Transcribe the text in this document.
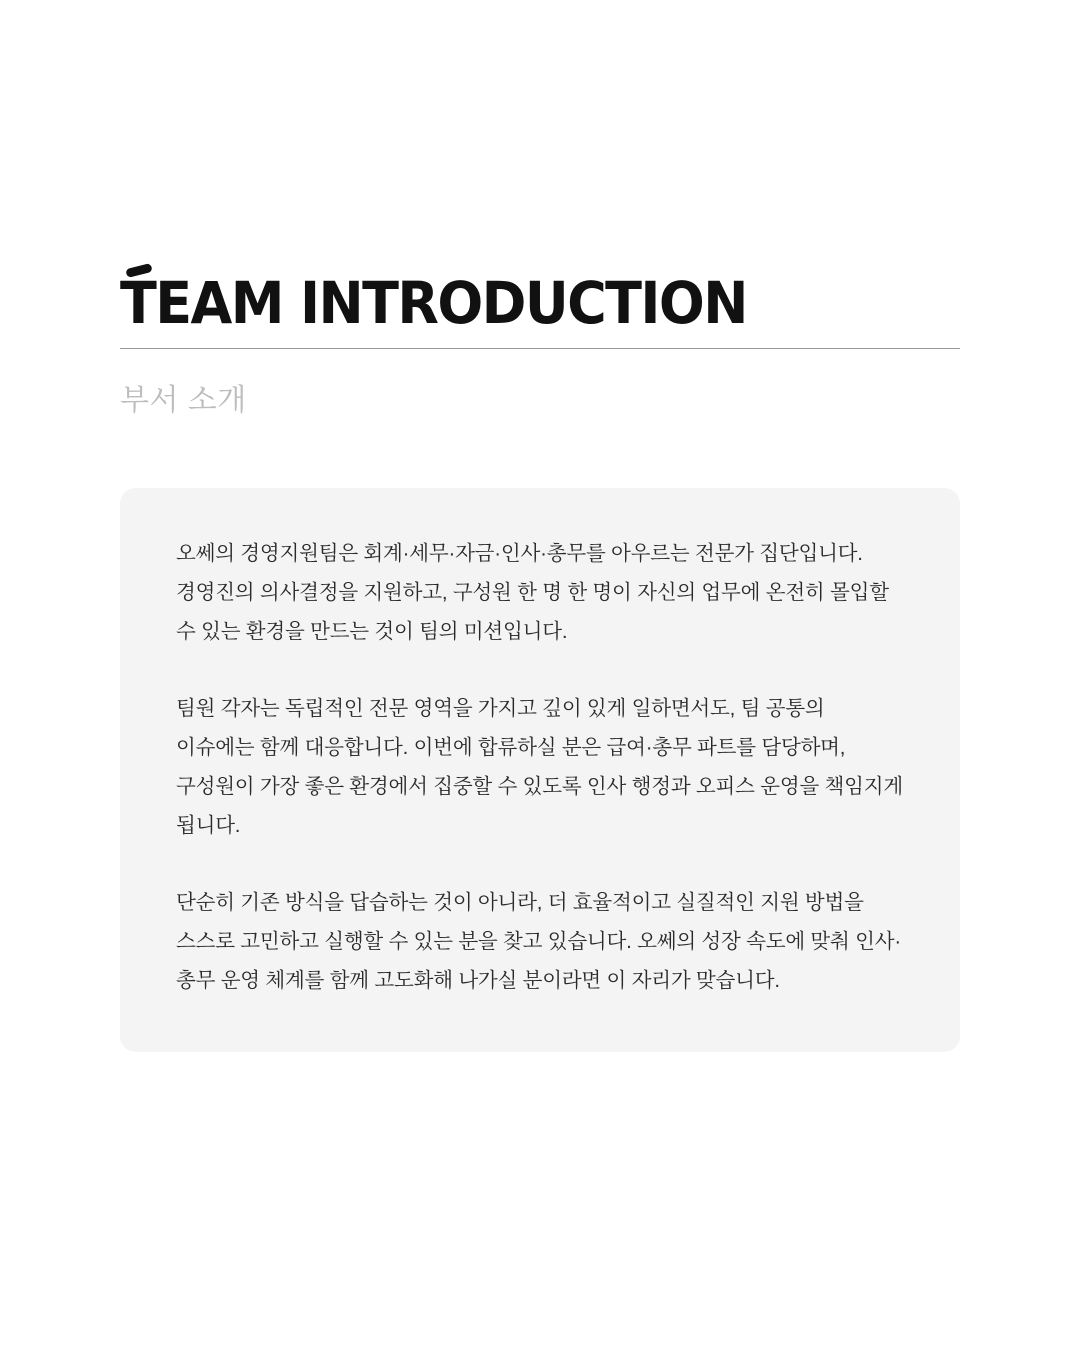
TEAM INTRODUCTION

부서 소개

오쎄의 경영지원팀은 회계·세무·자금·인사·총무를 아우르는 전문가 집단입니다. 경영진의 의사결정을 지원하고, 구성원 한 명 한 명이 자신의 업무에 온전히 몰입할 수 있는 환경을 만드는 것이 팀의 미션입니다.

팀원 각자는 독립적인 전문 영역을 가지고 깊이 있게 일하면서도, 팀 공통의 이슈에는 함께 대응합니다. 이번에 합류하실 분은 급여·총무 파트를 담당하며, 구성원이 가장 좋은 환경에서 집중할 수 있도록 인사 행정과 오피스 운영을 책임지게 됩니다.

단순히 기존 방식을 답습하는 것이 아니라, 더 효율적이고 실질적인 지원 방법을 스스로 고민하고 실행할 수 있는 분을 찾고 있습니다. 오쎄의 성장 속도에 맞춰 인사·총무 운영 체계를 함께 고도화해 나가실 분이라면 이 자리가 맞습니다.
